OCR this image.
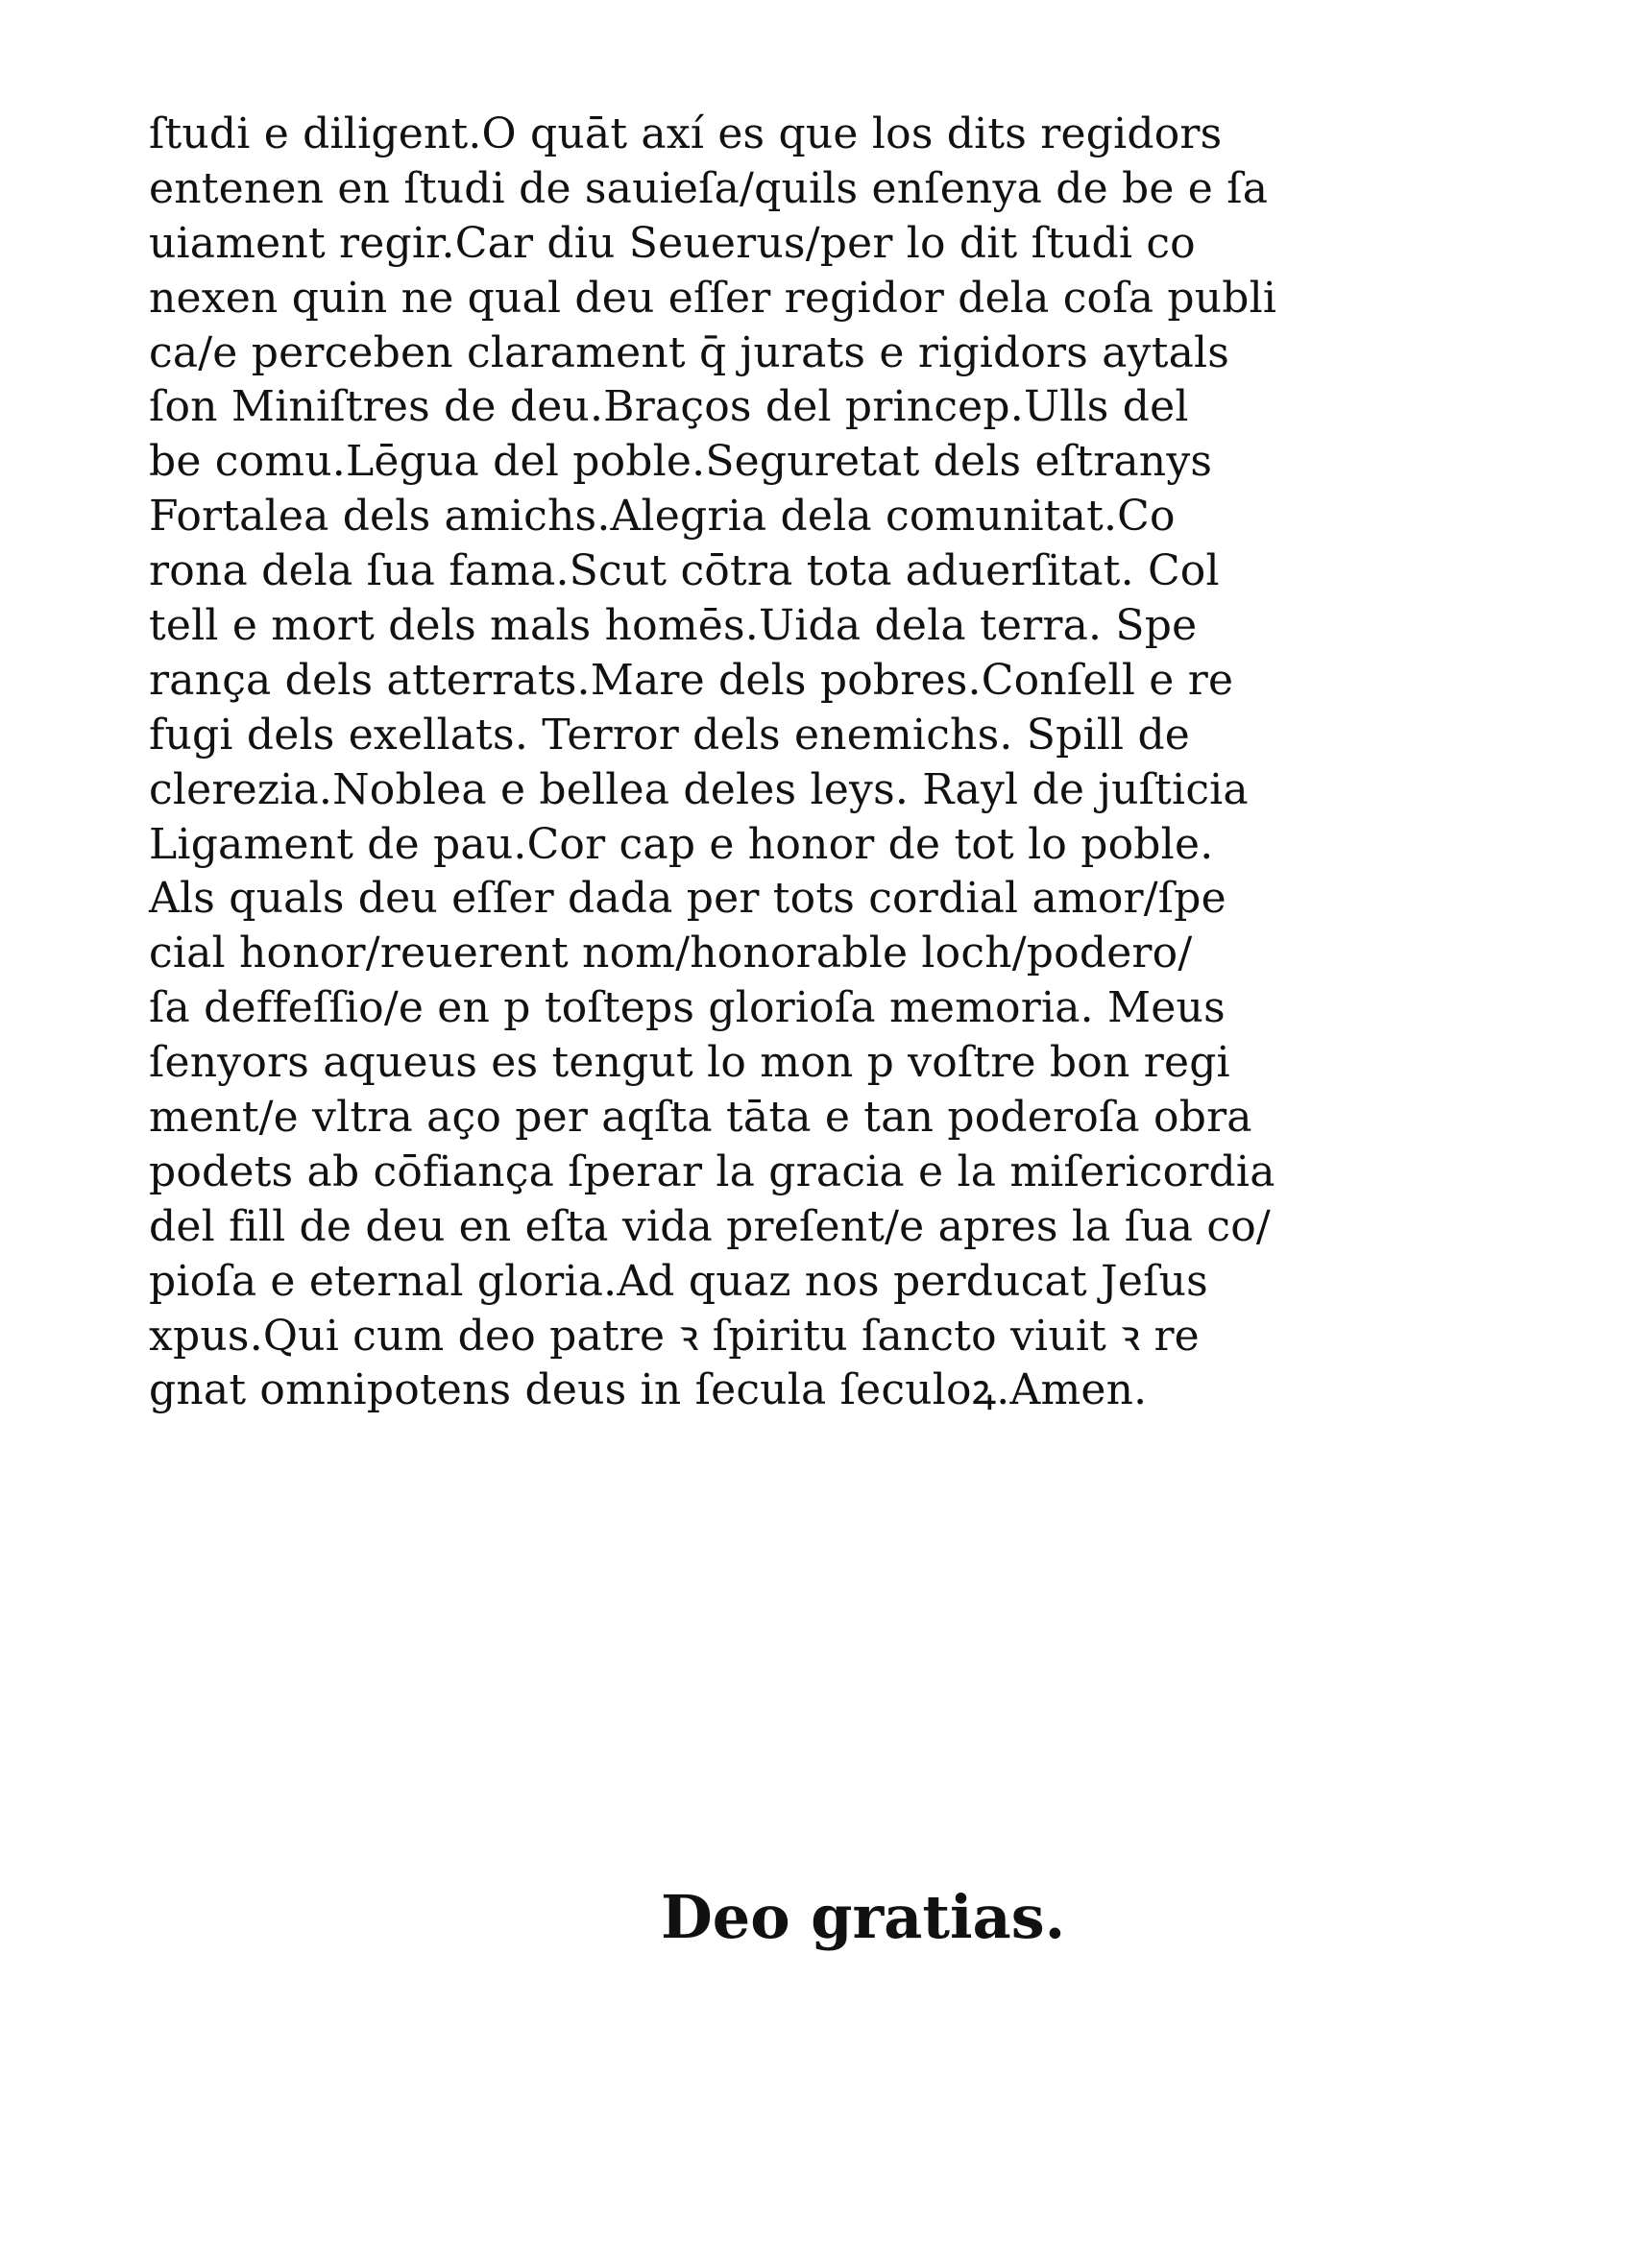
ſtudi e diligent.O quāt axí es que los dits regidors
entenen en ſtudi de sauieſa/quils enſenya de be e ſa
uiament regir.Car diu Seuerus/per lo dit ſtudi co
nexen quin ne qual deu eſſer regidor dela coſa publi
ca/e perceben clarament q̄ jurats e rigidors aytals
ſon Miniſtres de deu.Braços del princep.Ulls del
be comu.Lēgua del poble.Seguretat dels eſtranys
Fortalea dels amichs.Alegria dela comunitat.Co
rona dela ſua fama.Scut cōtra tota aduerſitat. Col
tell e mort dels mals homēs.Uida dela terra. Spe
rança dels atterrats.Mare dels pobres.Conſell e re
fugi dels exellats. Terror dels enemichs. Spill de
clerezia.Noblea e bellea deles leys. Rayl de juſticia
Ligament de pau.Cor cap e honor de tot lo poble.
Als quals deu eſſer dada per tots cordial amor/ſpe
cial honor/reuerent nom/honorable loch/podero/
ſa deffeſſio/e en p toſteps glorioſa memoria. Meus
ſenyors aqueus es tengut lo mon p voſtre bon regi
ment/e vltra aço per aqſta tāta e tan poderoſa obra
podets ab cōfiança ſperar la gracia e la miſericordia
del fill de deu en eſta vida preſent/e apres la ſua co/
pioſa e eternal gloria.Ad quaz nos perducat Jeſus
xpus.Qui cum deo patre ꝛ ſpiritu ſancto viuit ꝛ re
gnat omnipotens deus in ſecula ſeculoꝝ.Amen.
Deo gratias.
